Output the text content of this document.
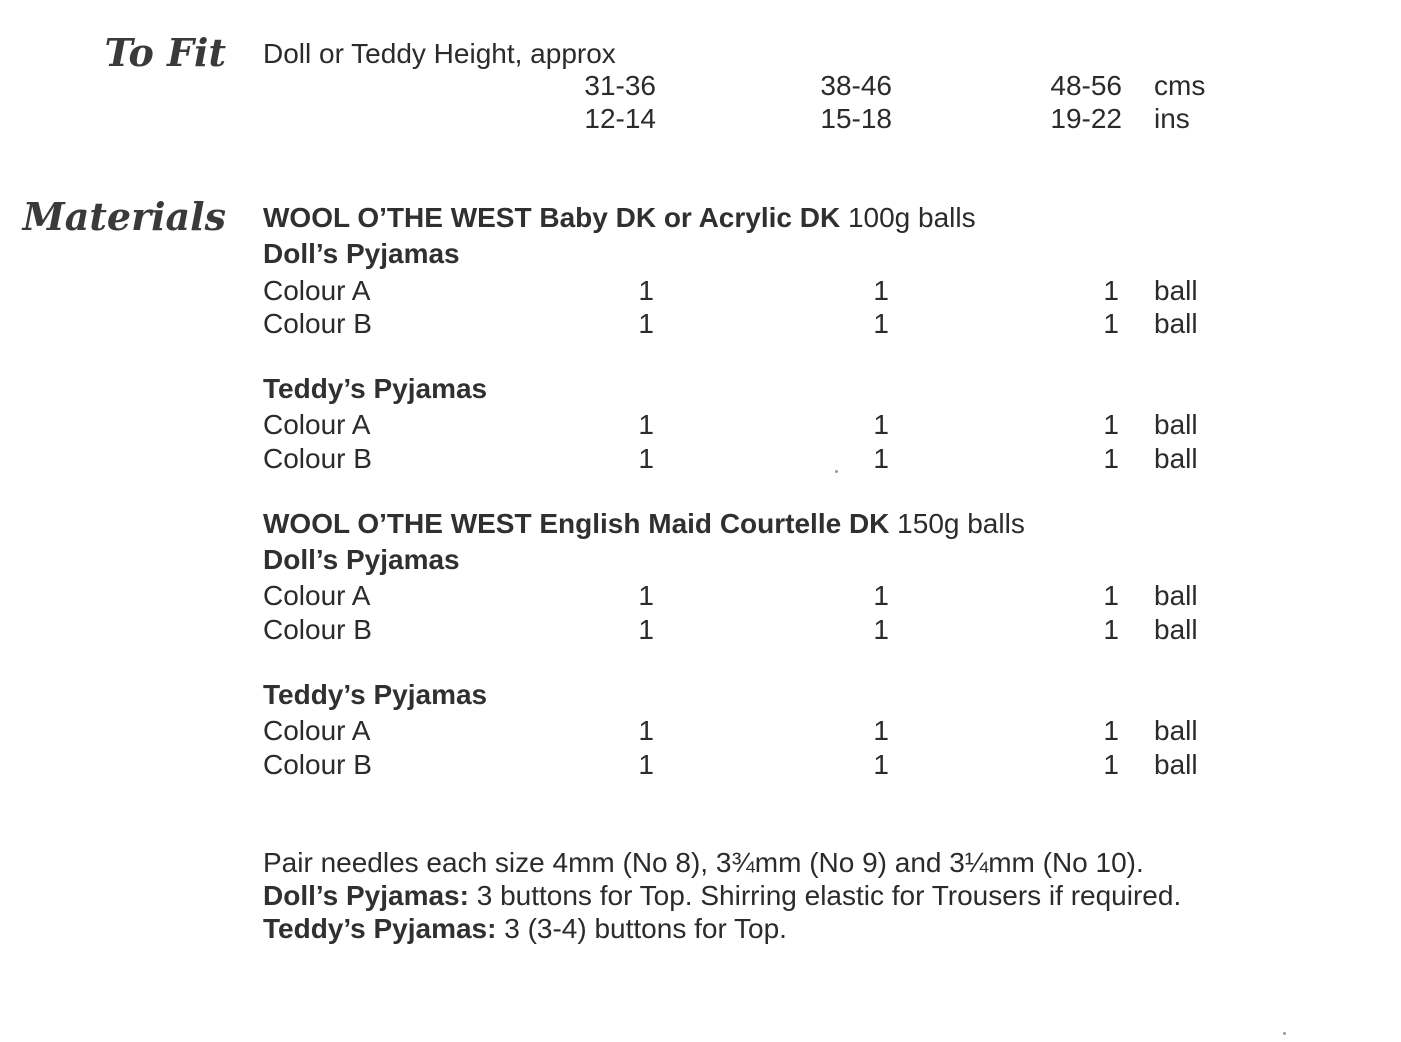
To Fit Doll or Teddy Height, approx
31-36	38-46	48-56 cms
12-14	15-18	19-22 ins
Materials WOOL O’THE WEST Baby DK or Acrylic DK 100g balls
Doll’s Pyjamas
Colour A	1	1	1 ball
Colour B	1	1	1 ball
Teddy’s Pyjamas
Colour A	1	1	1 ball
Colour B	1	1	1 ball
WOOL O’THE WEST English Maid Courtelle DK 150g balls
Doll’s Pyjamas
Colour A	1	1	1 ball
Colour B	1	1	1 ball
Teddy’s Pyjamas
Colour A	1	1	1 ball
Colour B	1	1	1 ball
Pair needles each size 4mm (No 8), 3¾mm (No 9) and 3¼mm (No 10).
Doll’s Pyjamas: 3 buttons for Top. Shirring elastic for Trousers if required.
Teddy’s Pyjamas: 3 (3-4) buttons for Top.
